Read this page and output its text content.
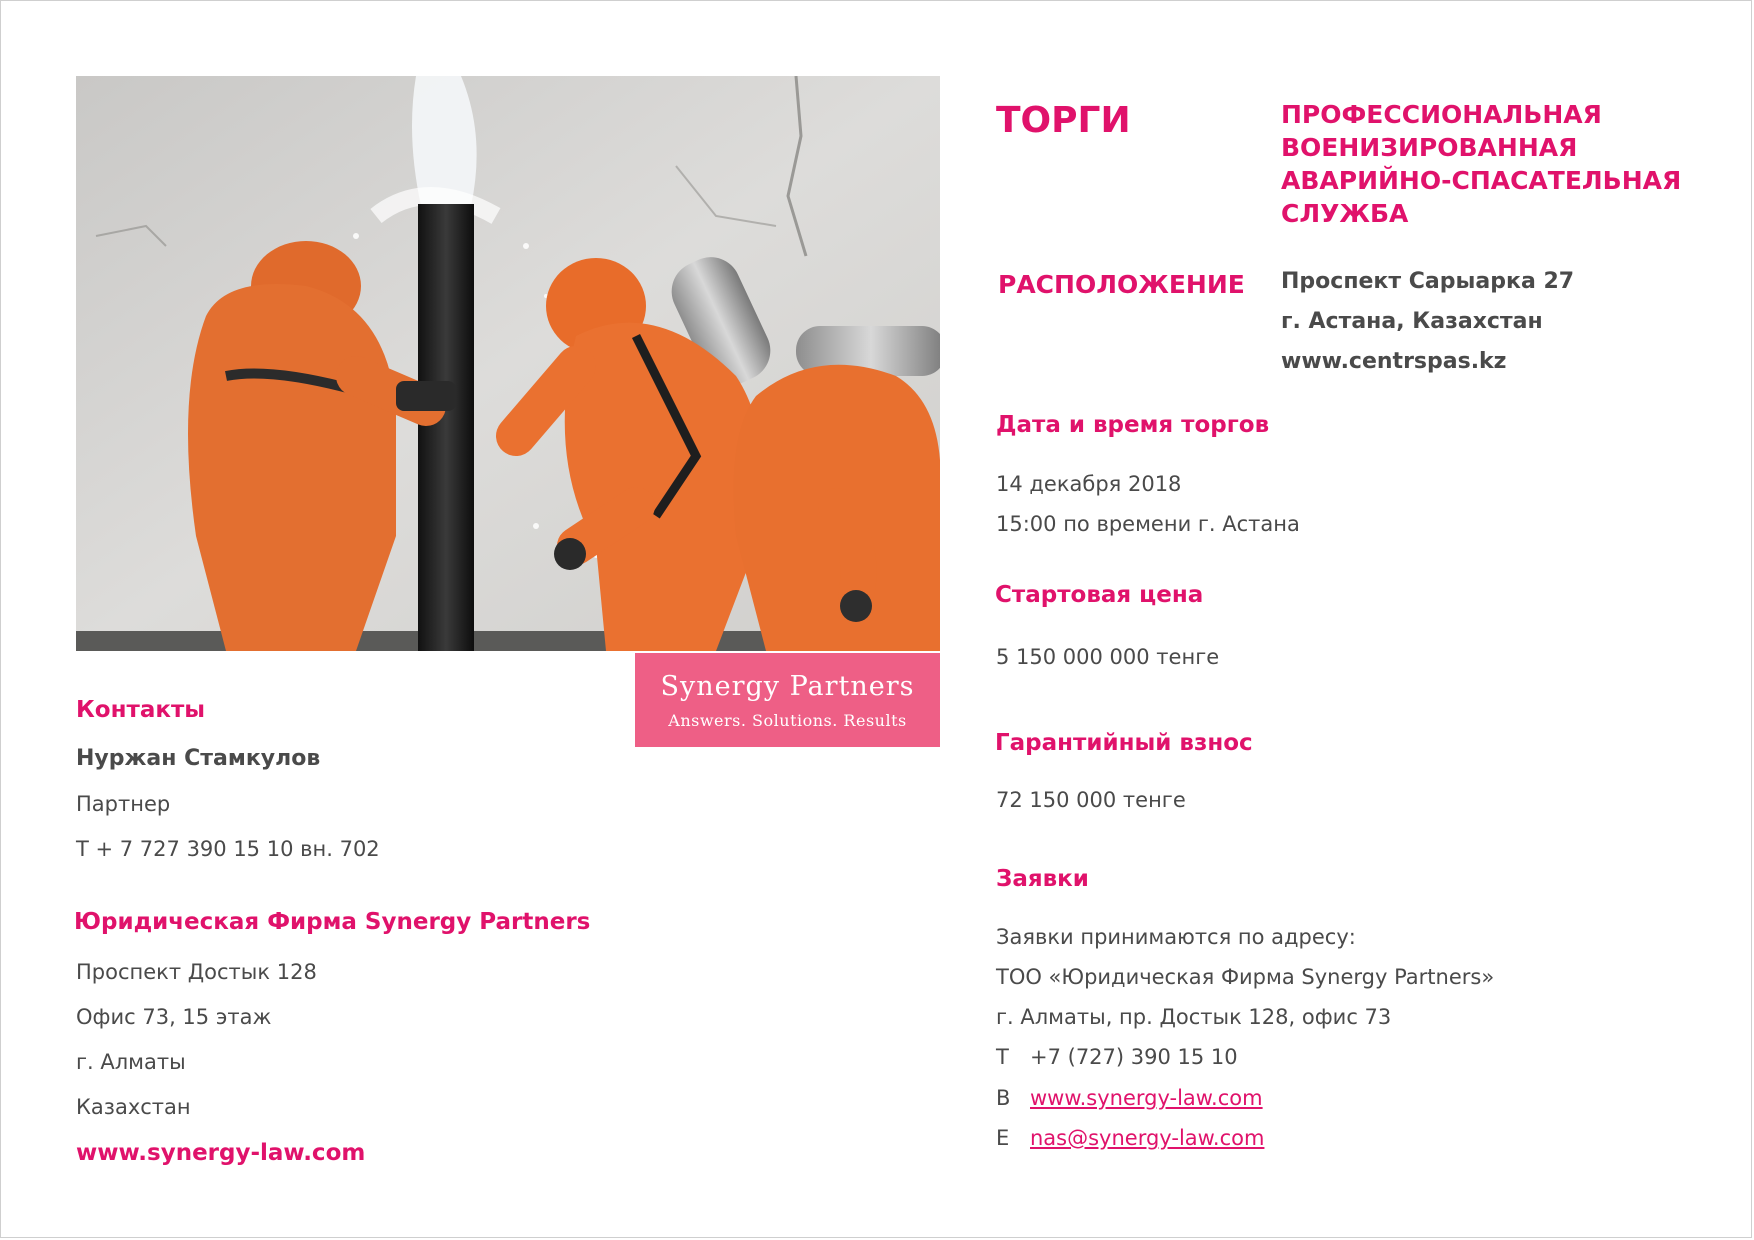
Synergy Partners
Answers. Solutions. Results
ТОРГИ	ПРОФЕССИОНАЛЬНАЯ
ВОЕНИЗИРОВАННАЯ
АВАРИЙНО-СПАСАТЕЛЬНАЯ
СЛУЖБА
РАСПОЛОЖЕНИЕ Проспект Сарыарка 27
г. Астана, Казахстан
www.centrspas.kz
Дата и время торгов
14 декабря 2018
15:00 по времени г. Астана
Стартовая цена
5 150 000 000 тенге
Гарантийный взнос
72 150 000 тенге
Заявки
Заявки принимаются по адресу:
ТОО «Юридическая Фирма Synergy Partners»
г. Алматы, пр. Достык 128, офис 73
Т +7 (727) 390 15 10
В www.synergy-law.com
Е nas@synergy-law.com
Контакты
Нуржан Стамкулов
Партнер
Т + 7 727 390 15 10 вн. 702
Юридическая Фирма Synergy Partners
Проспект Достык 128
Офис 73, 15 этаж
г. Алматы
Казахстан
www.synergy-law.com
